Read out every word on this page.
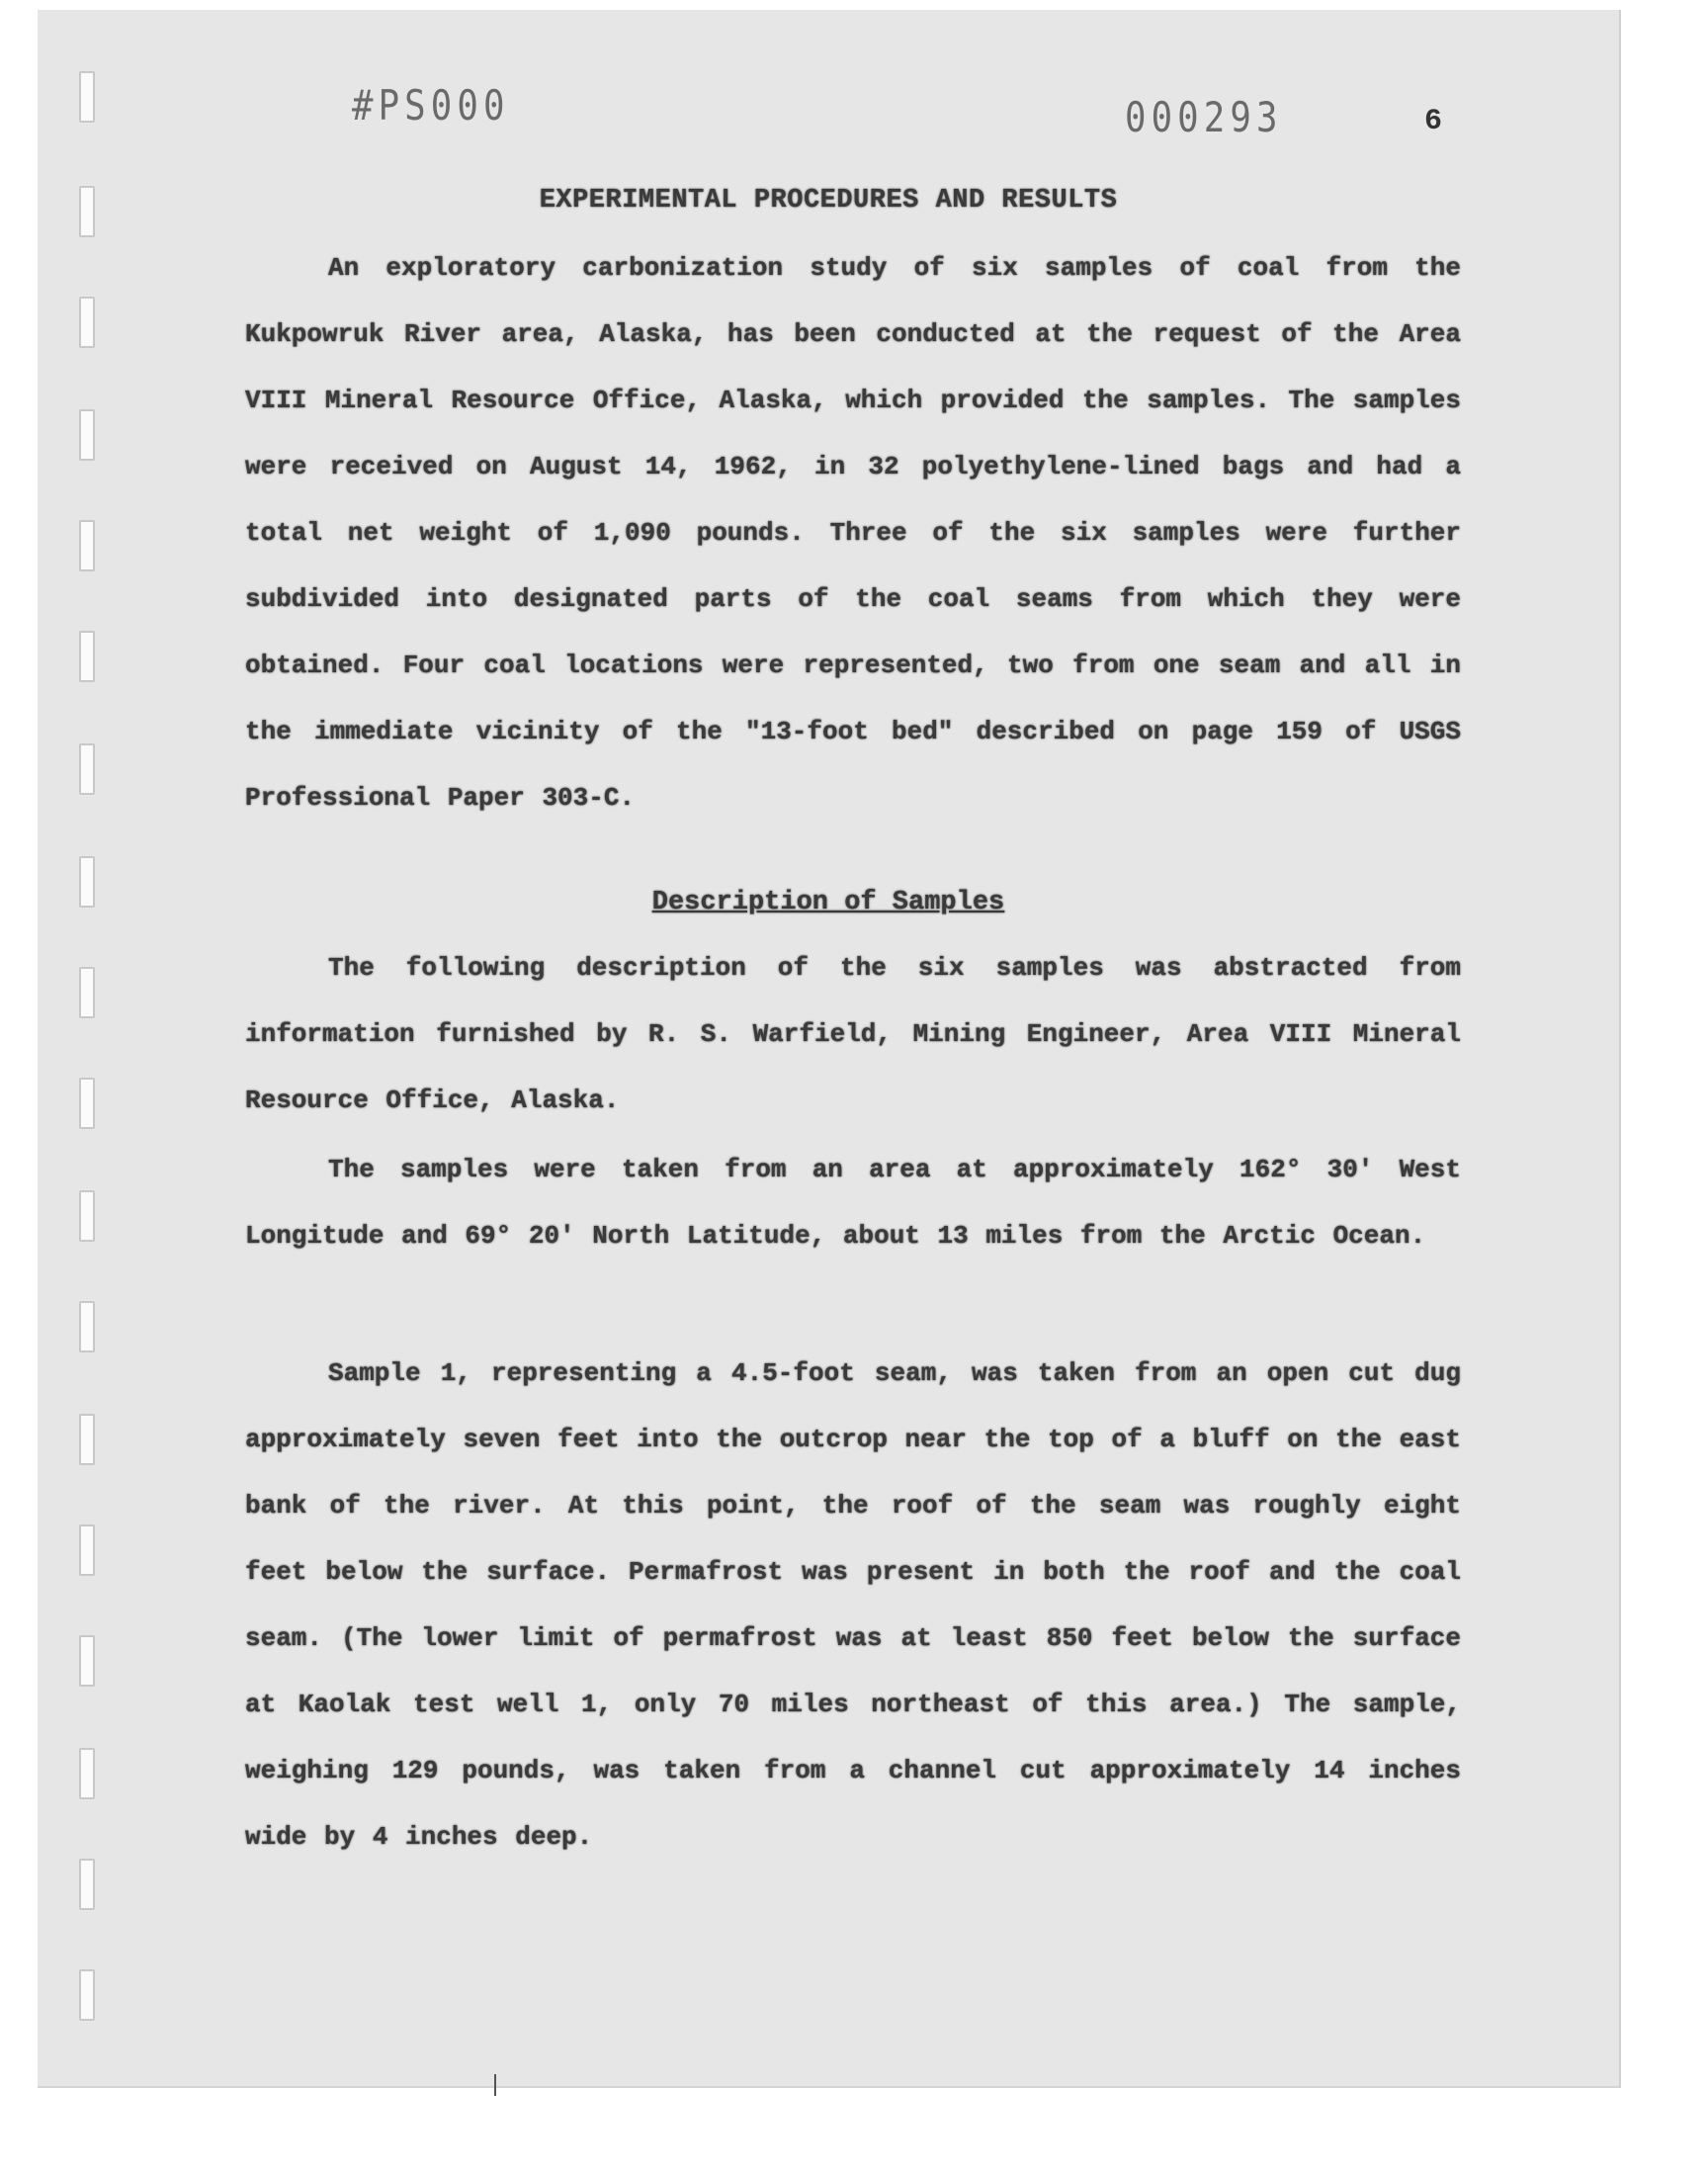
#PS000	000293	6
EXPERIMENTAL PROCEDURES AND RESULTS

An exploratory carbonization study of six samples of coal from the Kukpowruk River area, Alaska, has been conducted at the request of the Area VIII Mineral Resource Office, Alaska, which provided the samples. The samples were received on August 14, 1962, in 32 polyethylene-lined bags and had a total net weight of 1,090 pounds. Three of the six samples were further subdivided into designated parts of the coal seams from which they were obtained. Four coal locations were represented, two from one seam and all in the immediate vicinity of the "13-foot bed" described on page 159 of USGS Professional Paper 303-C.

Description of Samples

The following description of the six samples was abstracted from information furnished by R. S. Warfield, Mining Engineer, Area VIII Mineral Resource Office, Alaska.

The samples were taken from an area at approximately 162° 30' West Longitude and 69° 20' North Latitude, about 13 miles from the Arctic Ocean.

Sample 1, representing a 4.5-foot seam, was taken from an open cut dug approximately seven feet into the outcrop near the top of a bluff on the east bank of the river. At this point, the roof of the seam was roughly eight feet below the surface. Permafrost was present in both the roof and the coal seam. (The lower limit of permafrost was at least 850 feet below the surface at Kaolak test well 1, only 70 miles northeast of this area.) The sample, weighing 129 pounds, was taken from a channel cut approximately 14 inches wide by 4 inches deep.
